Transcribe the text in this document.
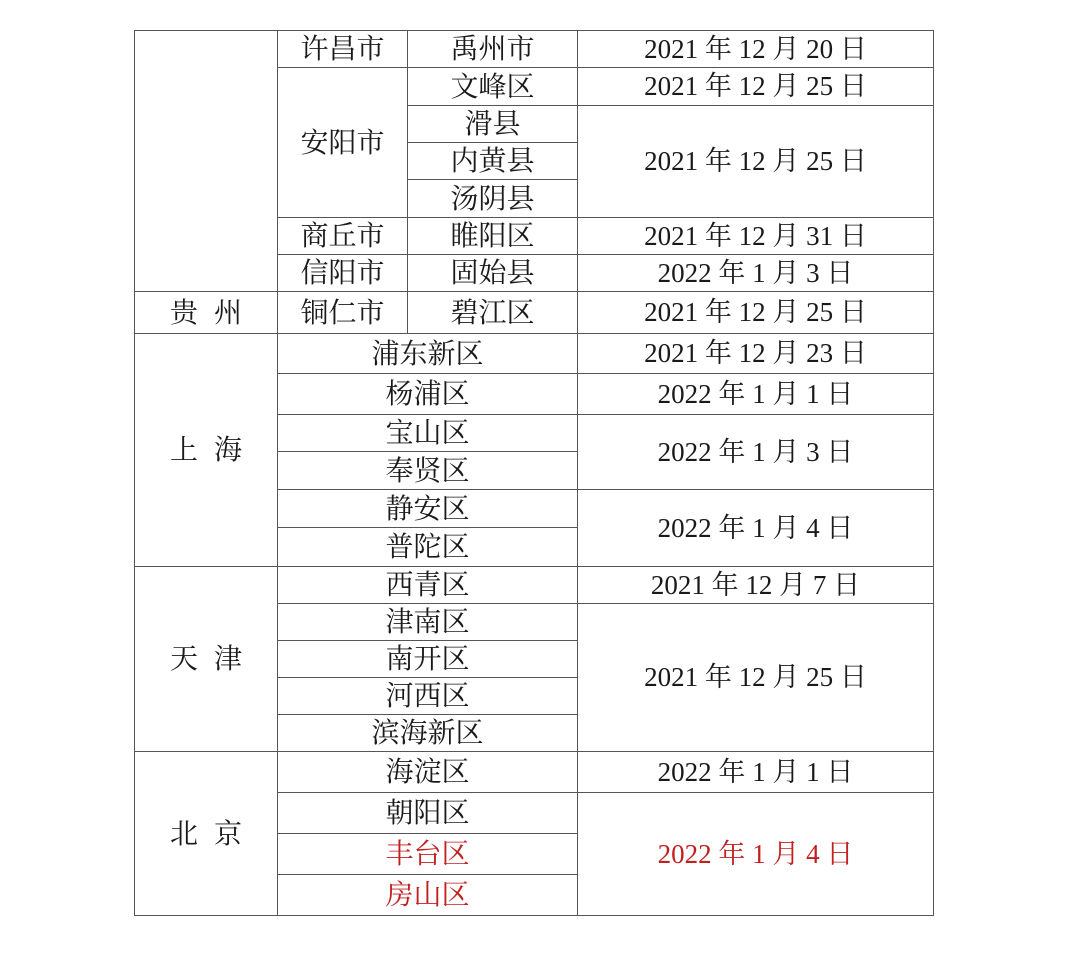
	许昌市	禹州市	2021 年 12 月 20 日
	安阳市	文峰区	2021 年 12 月 25 日
		滑县	2021 年 12 月 25 日
		内黄县	
		汤阴县	
	商丘市	睢阳区	2021 年 12 月 31 日
	信阳市	固始县	2022 年 1 月 3 日
贵州	铜仁市	碧江区	2021 年 12 月 25 日
上海	浦东新区		2021 年 12 月 23 日
	杨浦区		2022 年 1 月 1 日
	宝山区		2022 年 1 月 3 日
	奉贤区		
	静安区		2022 年 1 月 4 日
	普陀区		
天津	西青区		2021 年 12 月 7 日
	津南区		2021 年 12 月 25 日
	南开区		
	河西区		
	滨海新区		
北京	海淀区		2022 年 1 月 1 日
	朝阳区		2022 年 1 月 4 日
	丰台区		
	房山区		
